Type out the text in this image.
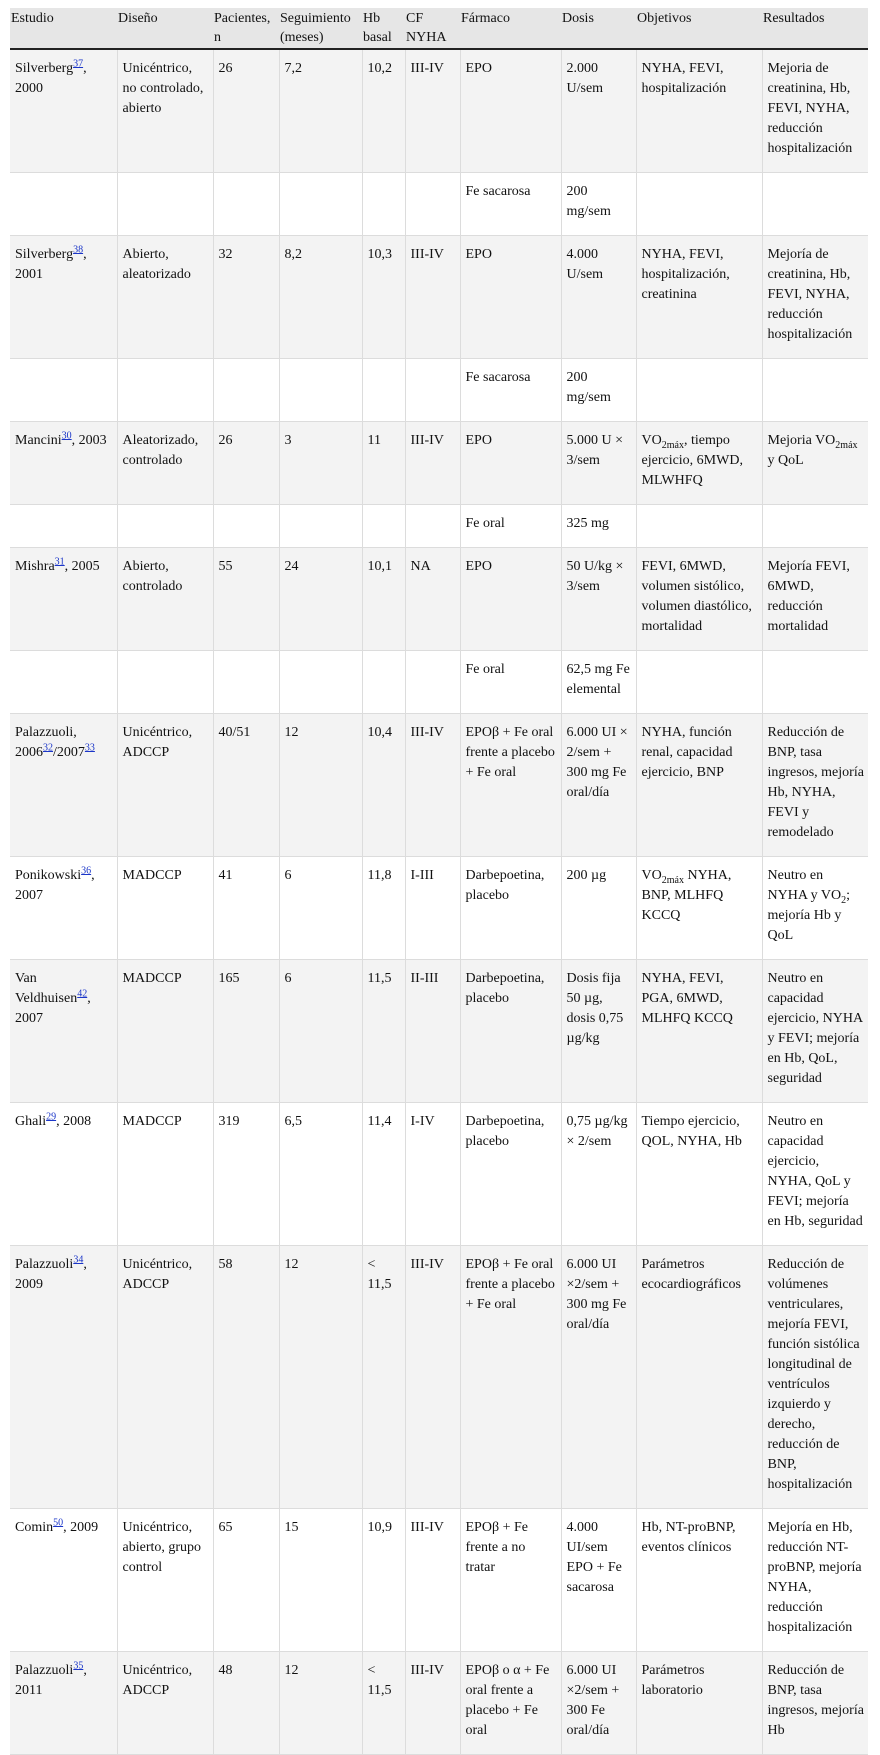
Estudio	Diseño	Pacientes, n	Seguimiento (meses)	Hb basal	CF NYHA	Fármaco	Dosis	Objetivos	Resultados
Silverberg$^{37}$, 2000	Unicéntrico, no controlado, abierto	26	7,2	10,2	III-IV	EPO	2.000 U/sem	NYHA, FEVI, hospitalización	Mejoria de creatinina, Hb, FEVI, NYHA, reducción hospitalización
						Fe sacarosa	200 mg/sem		
Silverberg$^{38}$, 2001	Abierto, aleatorizado	32	8,2	10,3	III-IV	EPO	4.000 U/sem	NYHA, FEVI, hospitalización, creatinina	Mejoría de creatinina, Hb, FEVI, NYHA, reducción hospitalización
						Fe sacarosa	200 mg/sem		
Mancini$^{30}$, 2003	Aleatorizado, controlado	26	3	11	III-IV	EPO	5.000 U × 3/sem	$VO_{2máx}$, tiempo ejercicio, 6MWD, MLWHFQ	Mejoria $VO_{2máx}$ y QoL
						Fe oral	325 mg		
Mishra$^{31}$, 2005	Abierto, controlado	55	24	10,1	NA	EPO	50 U/kg × 3/sem	FEVI, 6MWD, volumen sistólico, volumen diastólico, mortalidad	Mejoría FEVI, 6MWD, reducción mortalidad
						Fe oral	62,5 mg Fe elemental		
Palazzuoli, 2006$^{32}$/2007$^{33}$	Unicéntrico, ADCCP	40/51	12	10,4	III-IV	EPOβ + Fe oral frente a placebo + Fe oral	6.000 UI × 2/sem + 300 mg Fe oral/día	NYHA, función renal, capacidad ejercicio, BNP	Reducción de BNP, tasa ingresos, mejoría Hb, NYHA, FEVI y remodelado
Ponikowski$^{36}$, 2007	MADCCP	41	6	11,8	I-III	Darbepoetina, placebo	200 µg	$VO_{2máx}$ NYHA, BNP, MLHFQ KCCQ	Neutro en NYHA y $VO_2$; mejoría Hb y QoL
Van Veldhuisen$^{42}$, 2007	MADCCP	165	6	11,5	II-III	Darbepoetina, placebo	Dosis fija 50 µg, dosis 0,75 µg/kg	NYHA, FEVI, PGA, 6MWD, MLHFQ KCCQ	Neutro en capacidad ejercicio, NYHA y FEVI; mejoría en Hb, QoL, seguridad
Ghali$^{29}$, 2008	MADCCP	319	6,5	11,4	I-IV	Darbepoetina, placebo	0,75 µg/kg × 2/sem	Tiempo ejercicio, QOL, NYHA, Hb	Neutro en capacidad ejercicio, NYHA, QoL y FEVI; mejoría en Hb, seguridad
Palazzuoli$^{34}$, 2009	Unicéntrico, ADCCP	58	12	< 11,5	III-IV	EPOβ + Fe oral frente a placebo + Fe oral	6.000 UI ×2/sem + 300 mg Fe oral/día	Parámetros ecocardiográficos	Reducción de volúmenes ventriculares, mejoría FEVI, función sistólica longitudinal de ventrículos izquierdo y derecho, reducción de BNP, hospitalización
Comin$^{50}$, 2009	Unicéntrico, abierto, grupo control	65	15	10,9	III-IV	EPOβ + Fe frente a no tratar	4.000 UI/sem EPO + Fe sacarosa	Hb, NT-proBNP, eventos clínicos	Mejoría en Hb, reducción NT-proBNP, mejoría NYHA, reducción hospitalización
Palazzuoli$^{35}$, 2011	Unicéntrico, ADCCP	48	12	< 11,5	III-IV	EPOβ o α + Fe oral frente a placebo + Fe oral	6.000 UI ×2/sem + 300 Fe oral/día	Parámetros laboratorio	Reducción de BNP, tasa ingresos, mejoría Hb
